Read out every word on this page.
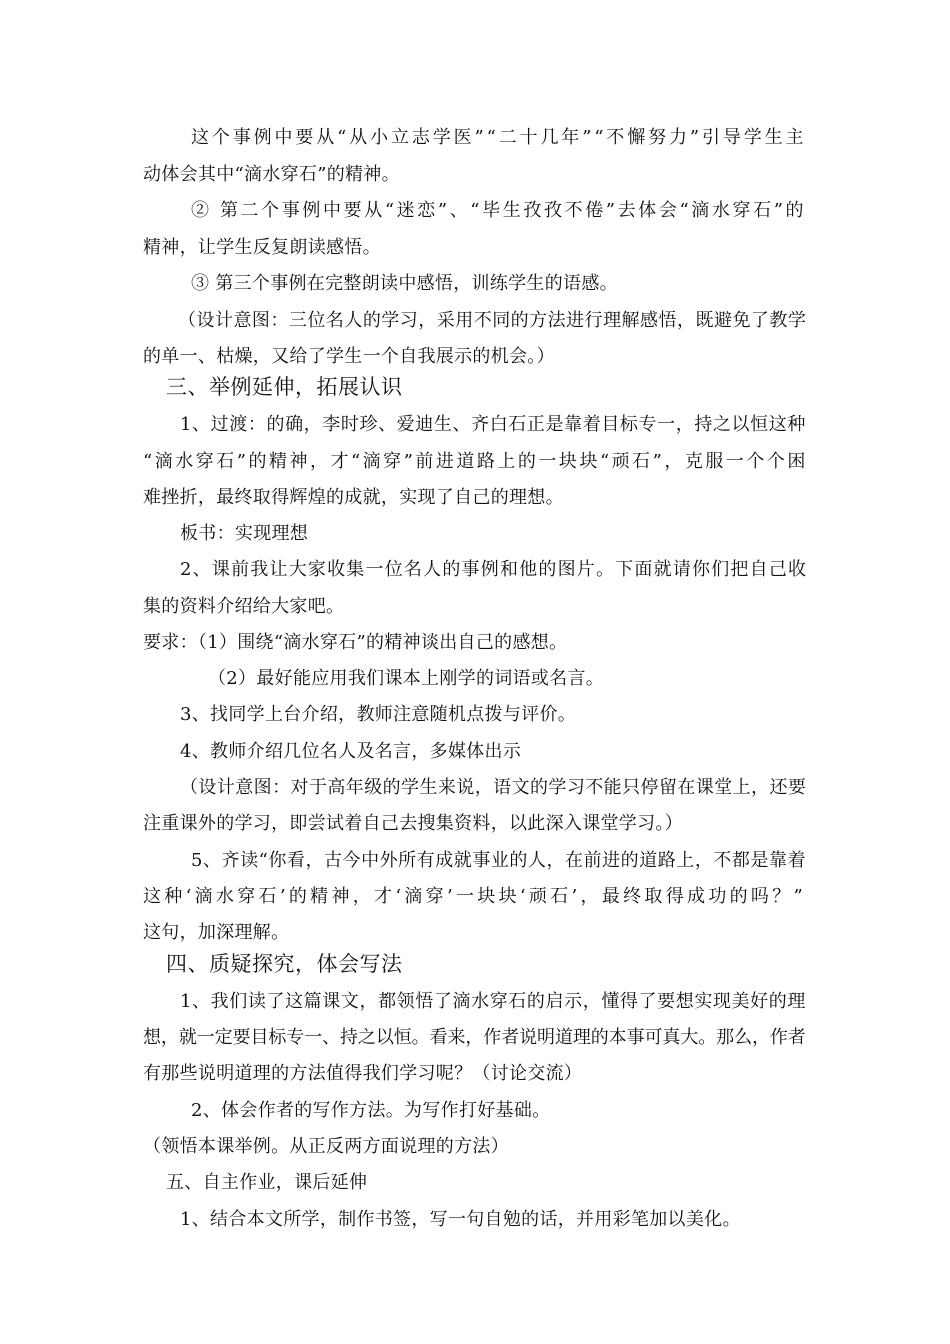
这个事例中要从“从小立志学医”“二十几年”“不懈努力”引导学生主
动体会其中“滴水穿石”的精神。
② 第二个事例中要从“迷恋”、“毕生孜孜不倦”去体会“滴水穿石”的
精神，让学生反复朗读感悟。
③ 第三个事例在完整朗读中感悟，训练学生的语感。
（设计意图：三位名人的学习，采用不同的方法进行理解感悟，既避免了教学
的单一、枯燥，又给了学生一个自我展示的机会。）
三、举例延伸，拓展认识
1、过渡：的确，李时珍、爱迪生、齐白石正是靠着目标专一，持之以恒这种
“滴水穿石”的精神，才“滴穿”前进道路上的一块块“顽石”，克服一个个困
难挫折，最终取得辉煌的成就，实现了自己的理想。
板书：实现理想
2、课前我让大家收集一位名人的事例和他的图片。下面就请你们把自己收
集的资料介绍给大家吧。
要求：（1）围绕“滴水穿石”的精神谈出自己的感想。
（2）最好能应用我们课本上刚学的词语或名言。
3、找同学上台介绍，教师注意随机点拨与评价。
4、教师介绍几位名人及名言，多媒体出示
（设计意图：对于高年级的学生来说，语文的学习不能只停留在课堂上，还要
注重课外的学习，即尝试着自己去搜集资料，以此深入课堂学习。）
5、齐读“你看，古今中外所有成就事业的人，在前进的道路上，不都是靠着
这种‘滴水穿石’的精神，才‘滴穿’一块块‘顽石’，最终取得成功的吗？”
这句，加深理解。
四、质疑探究，体会写法
1、我们读了这篇课文，都领悟了滴水穿石的启示，懂得了要想实现美好的理
想，就一定要目标专一、持之以恒。看来，作者说明道理的本事可真大。那么，作者
有那些说明道理的方法值得我们学习呢？（讨论交流）
2、体会作者的写作方法。为写作打好基础。
（领悟本课举例。从正反两方面说理的方法）
五、自主作业，课后延伸
1、结合本文所学，制作书签，写一句自勉的话，并用彩笔加以美化。
